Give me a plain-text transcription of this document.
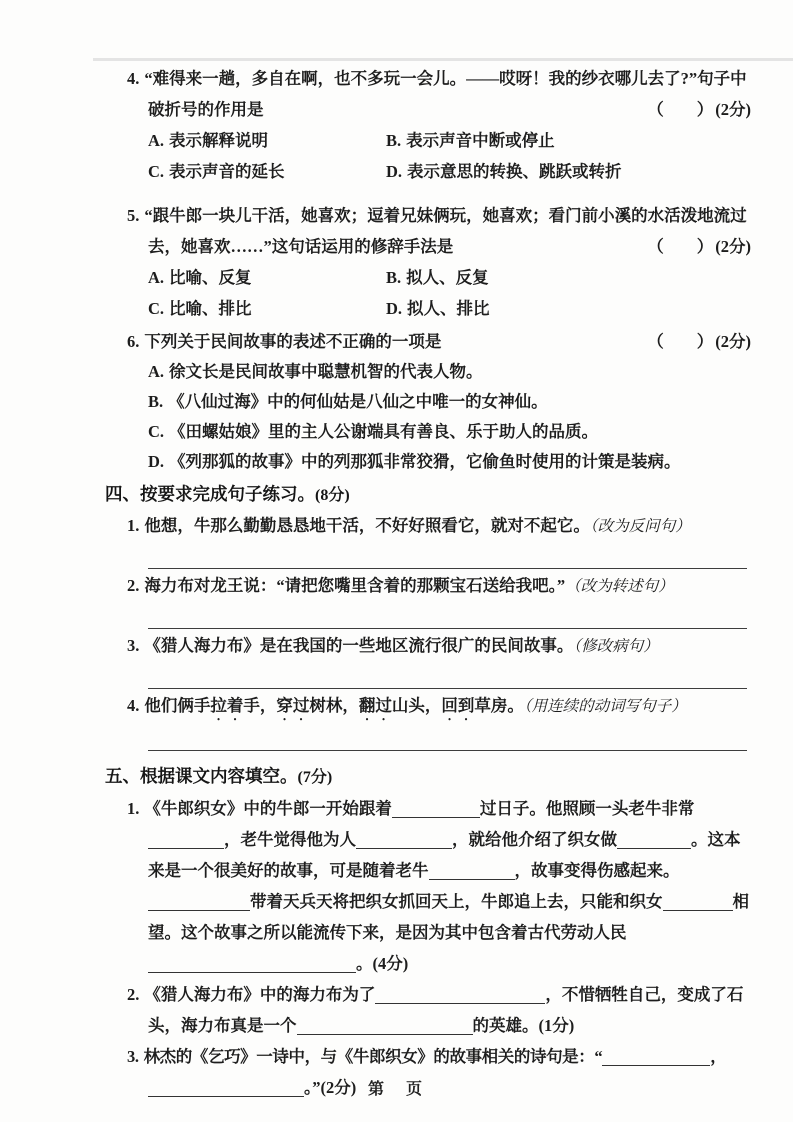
4. “难得来一趟，多自在啊，也不多玩一会儿。——哎呀！我的纱衣哪儿去了?”句子中破折号的作用是	（　　） (2分)

A. 表示解释说明	B. 表示声音中断或停止
C. 表示声音的延长	D. 表示意思的转换、跳跃或转折

5. “跟牛郎一块儿干活，她喜欢；逗着兄妹俩玩，她喜欢；看门前小溪的水活泼地流过去，她喜欢……”这句话运用的修辞手法是	（　　） (2分)

A. 比喻、反复	B. 拟人、反复
C. 比喻、排比	D. 拟人、排比

6. 下列关于民间故事的表述不正确的一项是	（　　） (2分)

A. 徐文长是民间故事中聪慧机智的代表人物。
B. 《八仙过海》中的何仙姑是八仙之中唯一的女神仙。
C. 《田螺姑娘》里的主人公谢端具有善良、乐于助人的品质。
D. 《列那狐的故事》中的列那狐非常狡猾，它偷鱼时使用的计策是装病。

四、按要求完成句子练习。(8分)

1. 他想，牛那么勤勤恳恳地干活，不好好照看它，就对不起它。（改为反问句）

2. 海力布对龙王说：“请把您嘴里含着的那颗宝石送给我吧。”（改为转述句）

3. 《猎人海力布》是在我国的一些地区流行很广的民间故事。（修改病句）

4. 他们俩手拉着手，穿过树林，翻过山头，回到草房。（用连续的动词写句子）

五、根据课文内容填空。(7分)

1. 《牛郎织女》中的牛郎一开始跟着	过日子。他照顾一头老牛非常，老牛觉得他为人	，就给他介绍了织女做	。这本来是一个很美好的故事，可是随着老牛	，故事变得伤感起来。带着天兵天将把织女抓回天上，牛郎追上去，只能和织女	相望。这个故事之所以能流传下来，是因为其中包含着古代劳动人民。(4分)

2. 《猎人海力布》中的海力布为了	，不惜牺牲自己，变成了石头，海力布真是一个	的英雄。(1分)

3. 林杰的《乞巧》一诗中，与《牛郎织女》的故事相关的诗句是：“	，

。”(2分) 第　页
